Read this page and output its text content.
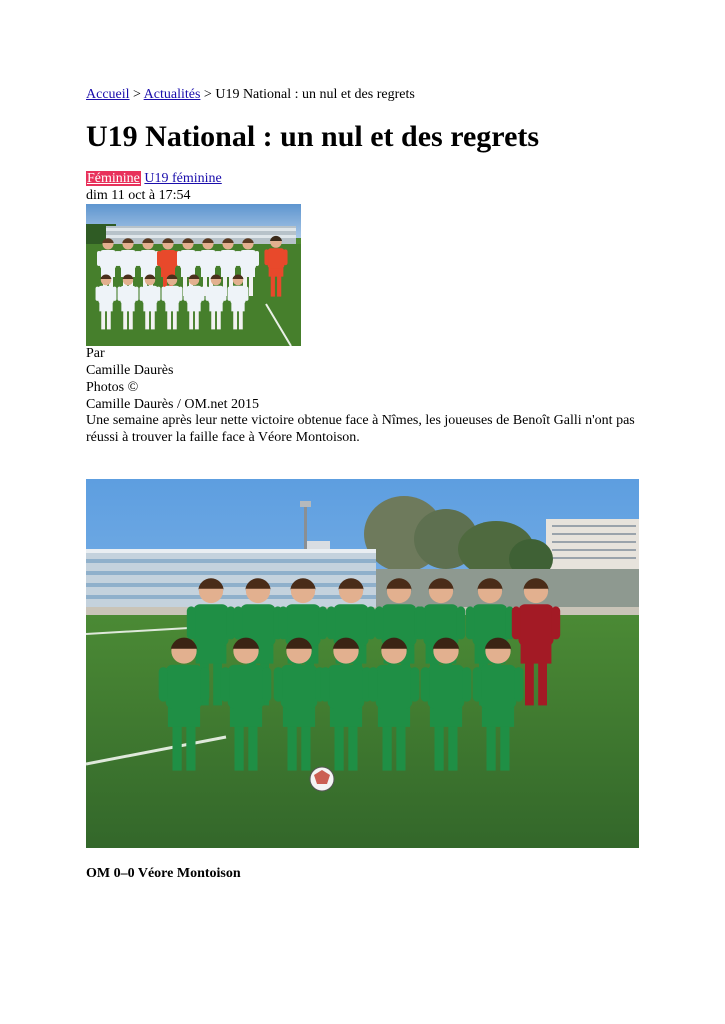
Accueil > Actualités > U19 National : un nul et des regrets
U19 National : un nul et des regrets
Féminine U19 féminine
dim 11 oct à 17:54
Par
Camille Daurès
Photos ©
Camille Daurès / OM.net 2015

Une semaine après leur nette victoire obtenue face à Nîmes, les joueuses de Benoît Galli n'ont pas réussi à trouver la faille face à Véore Montoison.

OM 0–0 Véore Montoison
